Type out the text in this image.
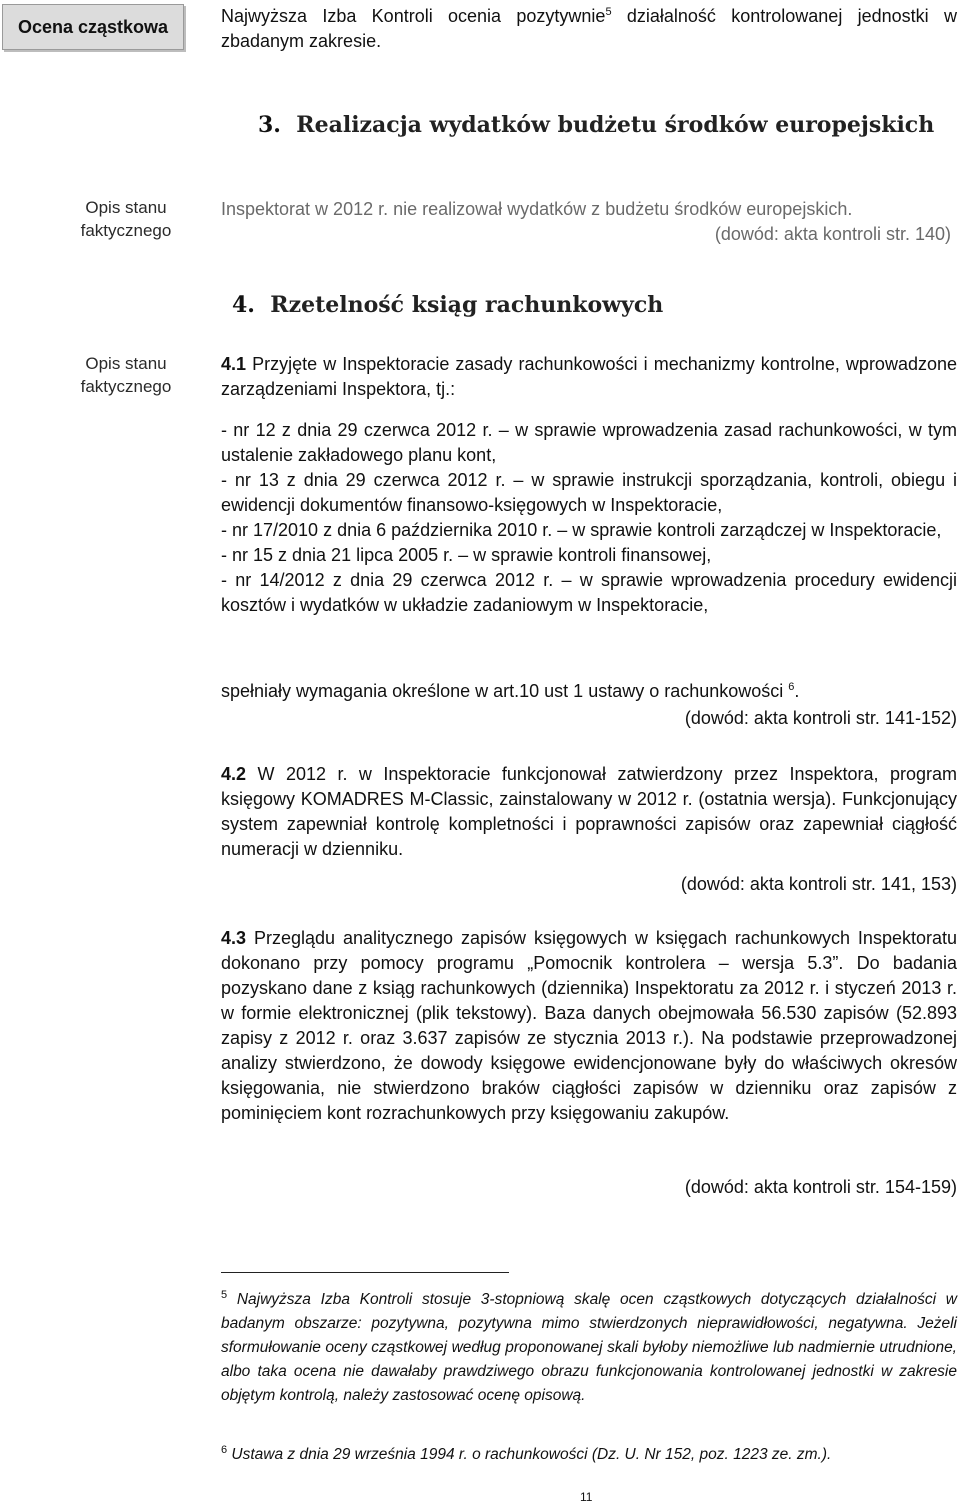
Ocena cząstkowa
Najwyższa Izba Kontroli ocenia pozytywnie$^5$ działalność kontrolowanej jednostki w zbadanym zakresie.
3. Realizacja wydatków budżetu środków europejskich
Opis stanu faktycznego
Inspektorat w 2012 r. nie realizował wydatków z budżetu środków europejskich.
(dowód: akta kontroli str. 140)
4. Rzetelność ksiąg rachunkowych
Opis stanu faktycznego
4.1 Przyjęte w Inspektoracie zasady rachunkowości i mechanizmy kontrolne, wprowadzone zarządzeniami Inspektora, tj.:

- nr 12 z dnia 29 czerwca 2012 r. – w sprawie wprowadzenia zasad rachunkowości, w tym ustalenie zakładowego planu kont,

- nr 13 z dnia 29 czerwca 2012 r. – w sprawie instrukcji sporządzania, kontroli, obiegu i ewidencji dokumentów finansowo-księgowych w Inspektoracie,

- nr 17/2010 z dnia 6 października 2010 r. – w sprawie kontroli zarządczej w Inspektoracie,

- nr 15 z dnia 21 lipca 2005 r. – w sprawie kontroli finansowej,

- nr 14/2012 z dnia 29 czerwca 2012 r. – w sprawie wprowadzenia procedury ewidencji kosztów i wydatków w układzie zadaniowym w Inspektoracie,

spełniały wymagania określone w art.10 ust 1 ustawy o rachunkowości $^6$.
(dowód: akta kontroli str. 141-152)
4.2 W 2012 r. w Inspektoracie funkcjonował zatwierdzony przez Inspektora, program księgowy KOMADRES M-Classic, zainstalowany w 2012 r. (ostatnia wersja). Funkcjonujący system zapewniał kontrolę kompletności i poprawności zapisów oraz zapewniał ciągłość numeracji w dzienniku.
(dowód: akta kontroli str. 141, 153)
4.3 Przeglądu analitycznego zapisów księgowych w księgach rachunkowych Inspektoratu dokonano przy pomocy programu „Pomocnik kontrolera – wersja 5.3”. Do badania pozyskano dane z ksiąg rachunkowych (dziennika) Inspektoratu za 2012 r. i styczeń 2013 r. w formie elektronicznej (plik tekstowy). Baza danych obejmowała 56.530 zapisów (52.893 zapisy z 2012 r. oraz 3.637 zapisów ze stycznia 2013 r.). Na podstawie przeprowadzonej analizy stwierdzono, że dowody księgowe ewidencjonowane były do właściwych okresów księgowania, nie stwierdzono braków ciągłości zapisów w dzienniku oraz zapisów z pominięciem kont rozrachunkowych przy księgowaniu zakupów.
(dowód: akta kontroli str. 154-159)
$^5$ Najwyższa Izba Kontroli stosuje 3-stopniową skalę ocen cząstkowych dotyczących działalności w badanym obszarze: pozytywna, pozytywna mimo stwierdzonych nieprawidłowości, negatywna. Jeżeli sformułowanie oceny cząstkowej według proponowanej skali byłoby niemożliwe lub nadmiernie utrudnione, albo taka ocena nie dawałaby prawdziwego obrazu funkcjonowania kontrolowanej jednostki w zakresie objętym kontrolą, należy zastosować ocenę opisową.
$^6$ Ustawa z dnia 29 września 1994 r. o rachunkowości (Dz. U. Nr 152, poz. 1223 ze. zm.).
11
